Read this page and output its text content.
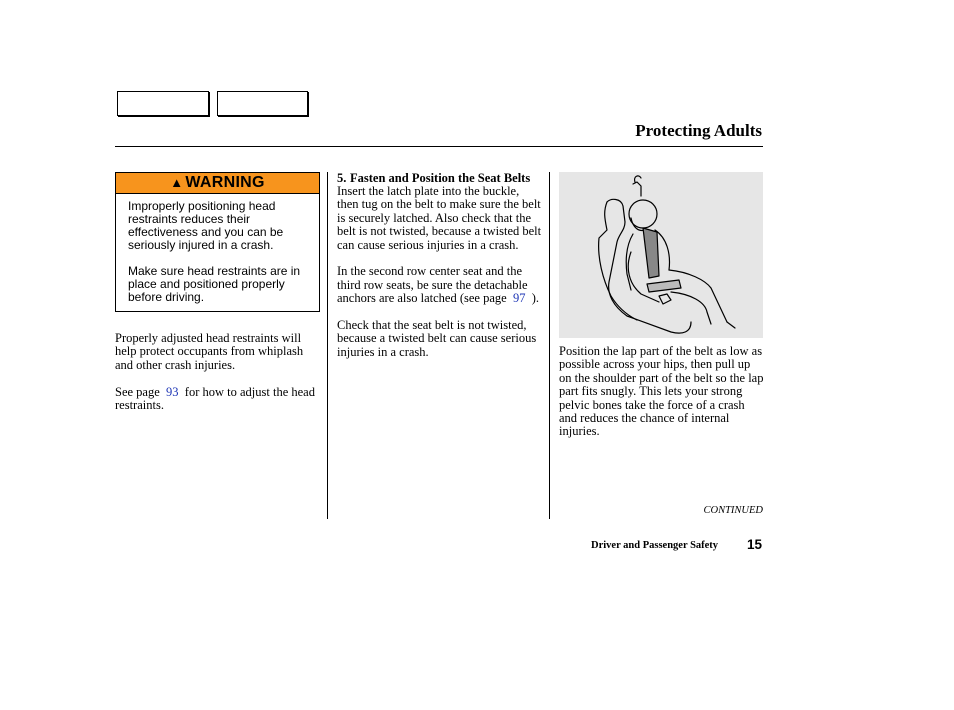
Protecting Adults
▲ WARNING

Improperly positioning head restraints reduces their effectiveness and you can be seriously injured in a crash.

Make sure head restraints are in place and positioned properly before driving.

Properly adjusted head restraints will help protect occupants from whiplash and other crash injuries.

See page 93 for how to adjust the head restraints.

5. Fasten and Position the Seat Belts

Insert the latch plate into the buckle, then tug on the belt to make sure the belt is securely latched. Also check that the belt is not twisted, because a twisted belt can cause serious injuries in a crash.

In the second row center seat and the third row seats, be sure the detachable anchors are also latched (see page 97 ).

Check that the seat belt is not twisted, because a twisted belt can cause serious injuries in a crash.	Position the lap part of the belt as low as possible across your hips, then pull up on the shoulder part of the belt so the lap part fits snugly. This lets your strong pelvic bones take the force of a crash and reduces the chance of internal injuries.

CONTINUED
Driver and Passenger Safety 15
